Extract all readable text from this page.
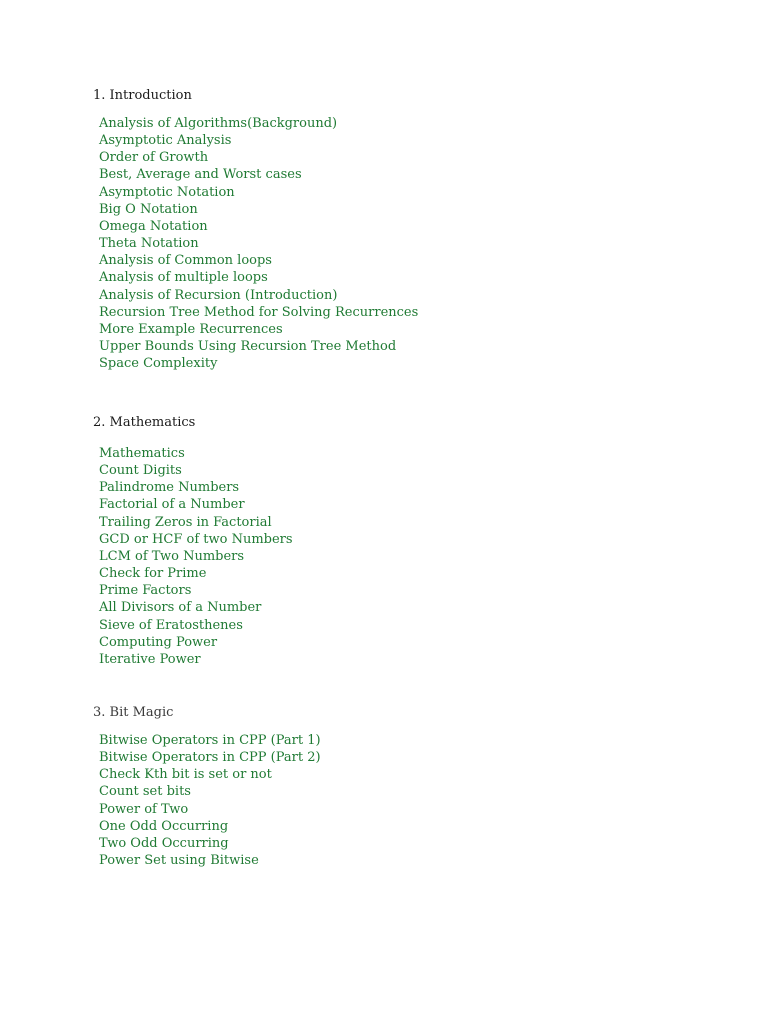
1. Introduction
Analysis of Algorithms(Background)
Asymptotic Analysis
Order of Growth
Best, Average and Worst cases
Asymptotic Notation
Big O Notation
Omega Notation
Theta Notation
Analysis of Common loops
Analysis of multiple loops
Analysis of Recursion (Introduction)
Recursion Tree Method for Solving Recurrences
More Example Recurrences
Upper Bounds Using Recursion Tree Method
Space Complexity
2. Mathematics
Mathematics
Count Digits
Palindrome Numbers
Factorial of a Number
Trailing Zeros in Factorial
GCD or HCF of two Numbers
LCM of Two Numbers
Check for Prime
Prime Factors
All Divisors of a Number
Sieve of Eratosthenes
Computing Power
Iterative Power
3. Bit Magic
Bitwise Operators in CPP (Part 1)
Bitwise Operators in CPP (Part 2)
Check Kth bit is set or not
Count set bits
Power of Two
One Odd Occurring
Two Odd Occurring
Power Set using Bitwise
